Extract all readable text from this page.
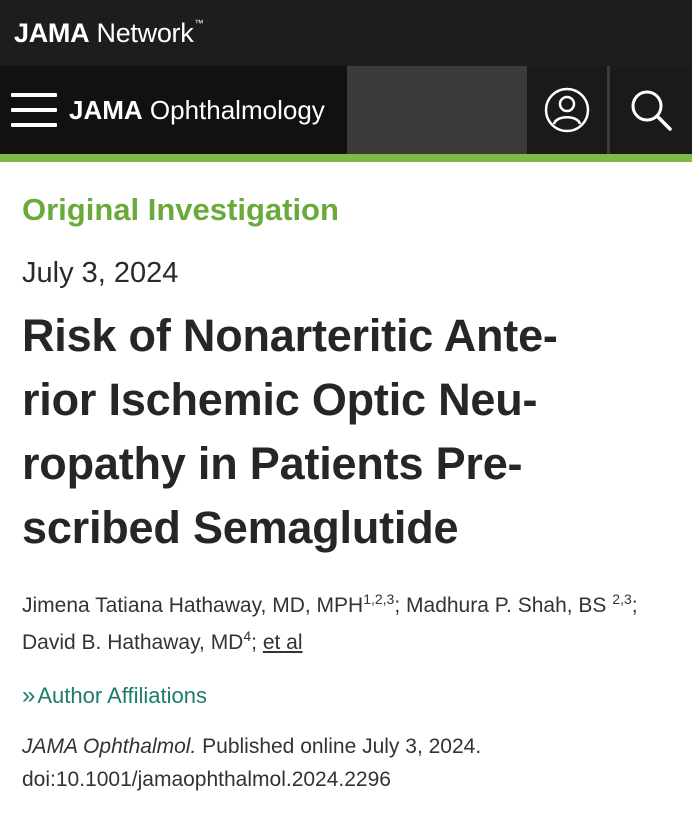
JAMA Network™
JAMA Ophthalmology
Original Investigation
July 3, 2024
Risk of Nonarteritic Ante-
rior Ischemic Optic Neu-
ropathy in Patients Pre-
scribed Semaglutide
Jimena Tatiana Hathaway, MD, MPH$^{1,2,3}$; Madhura P. Shah, BS $^{2,3}$; David B. Hathaway, $MD^4$; et al
» Author Affiliations
JAMA Ophthalmol. Published online July 3, 2024.
doi:10.1001/jamaophthalmol.2024.2296
